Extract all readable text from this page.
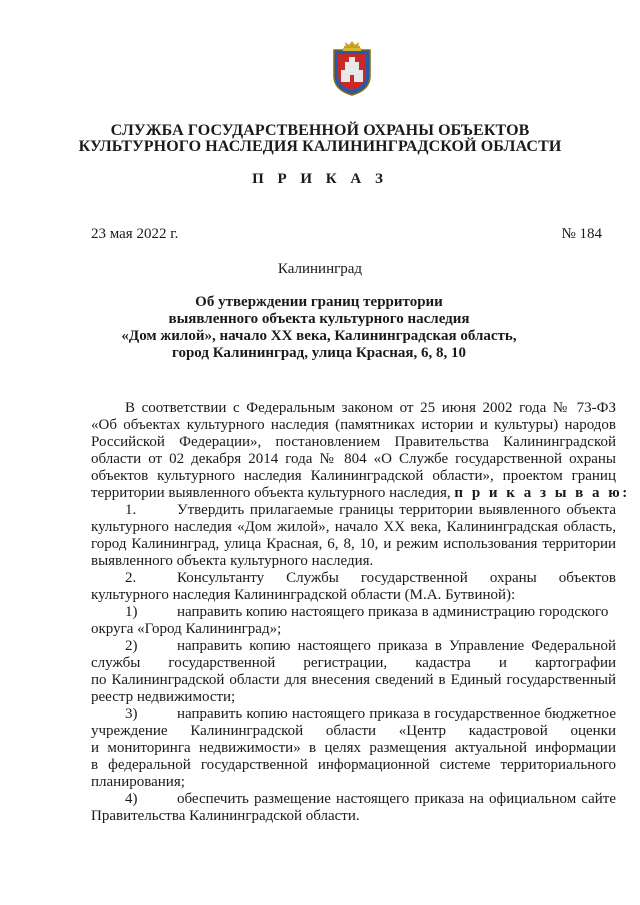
СЛУЖБА ГОСУДАРСТВЕННОЙ ОХРАНЫ ОБЪЕКТОВ
КУЛЬТУРНОГО НАСЛЕДИЯ КАЛИНИНГРАДСКОЙ ОБЛАСТИ
П Р И К А З
23 мая 2022 г.	№ 184
Калининград
Об утверждении границ территории
выявленного объекта культурного наследия
«Дом жилой», начало XX века, Калининградская область,
город Калининград, улица Красная, 6, 8, 10
В соответствии с Федеральным законом от 25 июня 2002 года № 73-ФЗ
«Об объектах культурного наследия (памятниках истории и культуры) народов
Российской Федерации», постановлением Правительства Калининградской
области от 02 декабря 2014 года № 804 «О Службе государственной охраны
объектов культурного наследия Калининградской области», проектом границ
территории выявленного объекта культурного наследия, п р и к а з ы в а ю:
1.	Утвердить прилагаемые границы территории выявленного объекта
культурного наследия «Дом жилой», начало XX века, Калининградская область,
город Калининград, улица Красная, 6, 8, 10, и режим использования территории
выявленного объекта культурного наследия.
2.	Консультанту Службы государственной охраны объектов
культурного наследия Калининградской области (М.А. Бутвиной):
1)	направить копию настоящего приказа в администрацию городского
округа «Город Калининград»;
2)	направить копию настоящего приказа в Управление Федеральной
службы государственной регистрации, кадастра и картографии
по Калининградской области для внесения сведений в Единый государственный
реестр недвижимости;
3)	направить копию настоящего приказа в государственное бюджетное
учреждение Калининградской области «Центр кадастровой оценки
и мониторинга недвижимости» в целях размещения актуальной информации
в федеральной государственной информационной системе территориального
планирования;
4)	обеспечить размещение настоящего приказа на официальном сайте
Правительства Калининградской области.
